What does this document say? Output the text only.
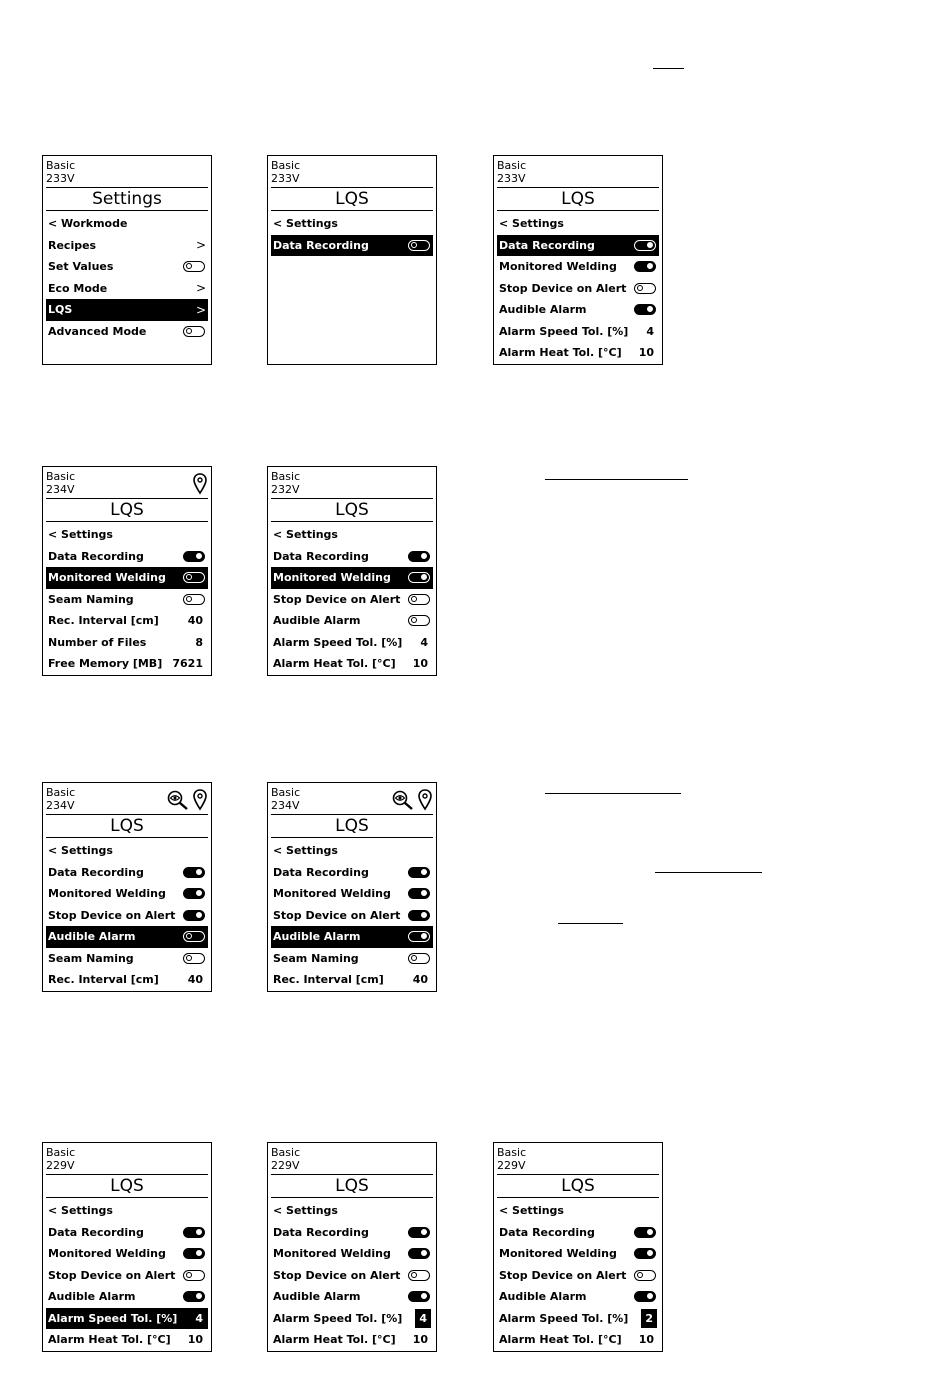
Basic
233V
Settings
< Workmode
Recipes	>
Set Values
Eco Mode	>
LQS	>
Advanced Mode
Basic
233V
LQS
< Settings
Data Recording
Basic
233V
LQS
< Settings
Data Recording
Monitored Welding
Stop Device on Alert
Audible Alarm
Alarm Speed Tol. [%] 4
Alarm Heat Tol. [°C] 10
Basic
234V
LQS
< Settings
Data Recording
Monitored Welding
Seam Naming
Rec. Interval [cm]	40
Number of Files	8
Free Memory [MB] 7621
Basic
232V
LQS
< Settings
Data Recording
Monitored Welding
Stop Device on Alert
Audible Alarm
Alarm Speed Tol. [%] 4
Alarm Heat Tol. [°C] 10
Basic
234V
LQS
< Settings
Data Recording
Monitored Welding
Stop Device on Alert
Audible Alarm
Seam Naming
Rec. Interval [cm]	40
Basic
234V
LQS
< Settings
Data Recording
Monitored Welding
Stop Device on Alert
Audible Alarm
Seam Naming
Rec. Interval [cm]	40
Basic
229V
LQS
< Settings
Data Recording
Monitored Welding
Stop Device on Alert
Audible Alarm
Alarm Speed Tol. [%] 4
Alarm Heat Tol. [°C] 10
Basic
229V
LQS
< Settings
Data Recording
Monitored Welding
Stop Device on Alert
Audible Alarm
Alarm Speed Tol. [%]	4
Alarm Heat Tol. [°C] 10
Basic
229V
LQS
< Settings
Data Recording
Monitored Welding
Stop Device on Alert
Audible Alarm
Alarm Speed Tol. [%]	2
Alarm Heat Tol. [°C] 10
